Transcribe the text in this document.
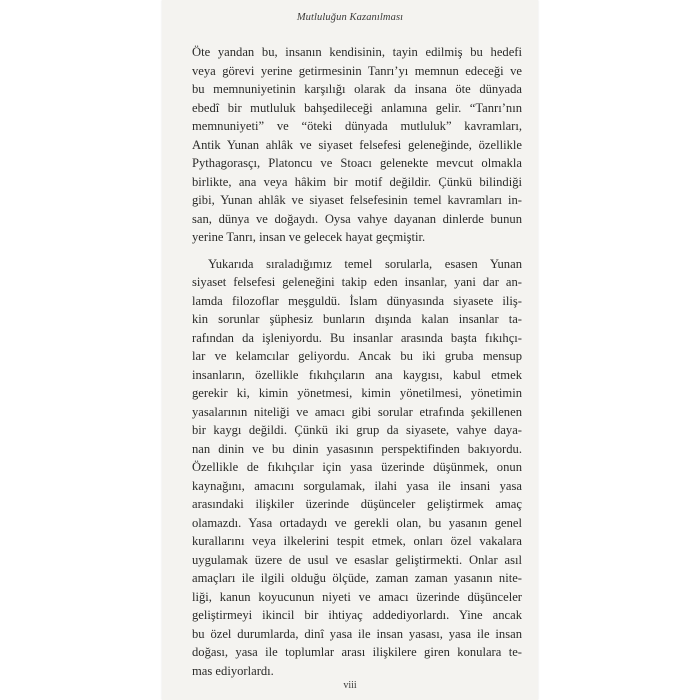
Mutluluğun Kazanılması

Öte yandan bu, insanın kendisinin, tayin edilmiş bu hedefi
veya görevi yerine getirmesinin Tanrı’yı memnun edeceği ve
bu memnuniyetinin karşılığı olarak da insana öte dünyada
ebedî bir mutluluk bahşedileceği anlamına gelir. “Tanrı’nın
memnuniyeti” ve “öteki dünyada mutluluk” kavramları,
Antik Yunan ahlâk ve siyaset felsefesi geleneğinde, özellikle
Pythagorasçı, Platoncu ve Stoacı gelenekte mevcut olmakla
birlikte, ana veya hâkim bir motif değildir. Çünkü bilindiği
gibi, Yunan ahlâk ve siyaset felsefesinin temel kavramları in-
san, dünya ve doğaydı. Oysa vahye dayanan dinlerde bunun
yerine Tanrı, insan ve gelecek hayat geçmiştir.

Yukarıda sıraladığımız temel sorularla, esasen Yunan
siyaset felsefesi geleneğini takip eden insanlar, yani dar an-
lamda filozoflar meşguldü. İslam dünyasında siyasete iliş-
kin sorunlar şüphesiz bunların dışında kalan insanlar ta-
rafından da işleniyordu. Bu insanlar arasında başta fıkıhçı-
lar ve kelamcılar geliyordu. Ancak bu iki gruba mensup
insanların, özellikle fıkıhçıların ana kaygısı, kabul etmek
gerekir ki, kimin yönetmesi, kimin yönetilmesi, yönetimin
yasalarının niteliği ve amacı gibi sorular etrafında şekillenen
bir kaygı değildi. Çünkü iki grup da siyasete, vahye daya-
nan dinin ve bu dinin yasasının perspektifinden bakıyordu.
Özellikle de fıkıhçılar için yasa üzerinde düşünmek, onun
kaynağını, amacını sorgulamak, ilahi yasa ile insani yasa
arasındaki ilişkiler üzerinde düşünceler geliştirmek amaç
olamazdı. Yasa ortadaydı ve gerekli olan, bu yasanın genel
kurallarını veya ilkelerini tespit etmek, onları özel vakalara
uygulamak üzere de usul ve esaslar geliştirmekti. Onlar asıl
amaçları ile ilgili olduğu ölçüde, zaman zaman yasanın nite-
liği, kanun koyucunun niyeti ve amacı üzerinde düşünceler
geliştirmeyi ikincil bir ihtiyaç addediyorlardı. Yine ancak
bu özel durumlarda, dinî yasa ile insan yasası, yasa ile insan
doğası, yasa ile toplumlar arası ilişkilere giren konulara te-
mas ediyorlardı.

viii
